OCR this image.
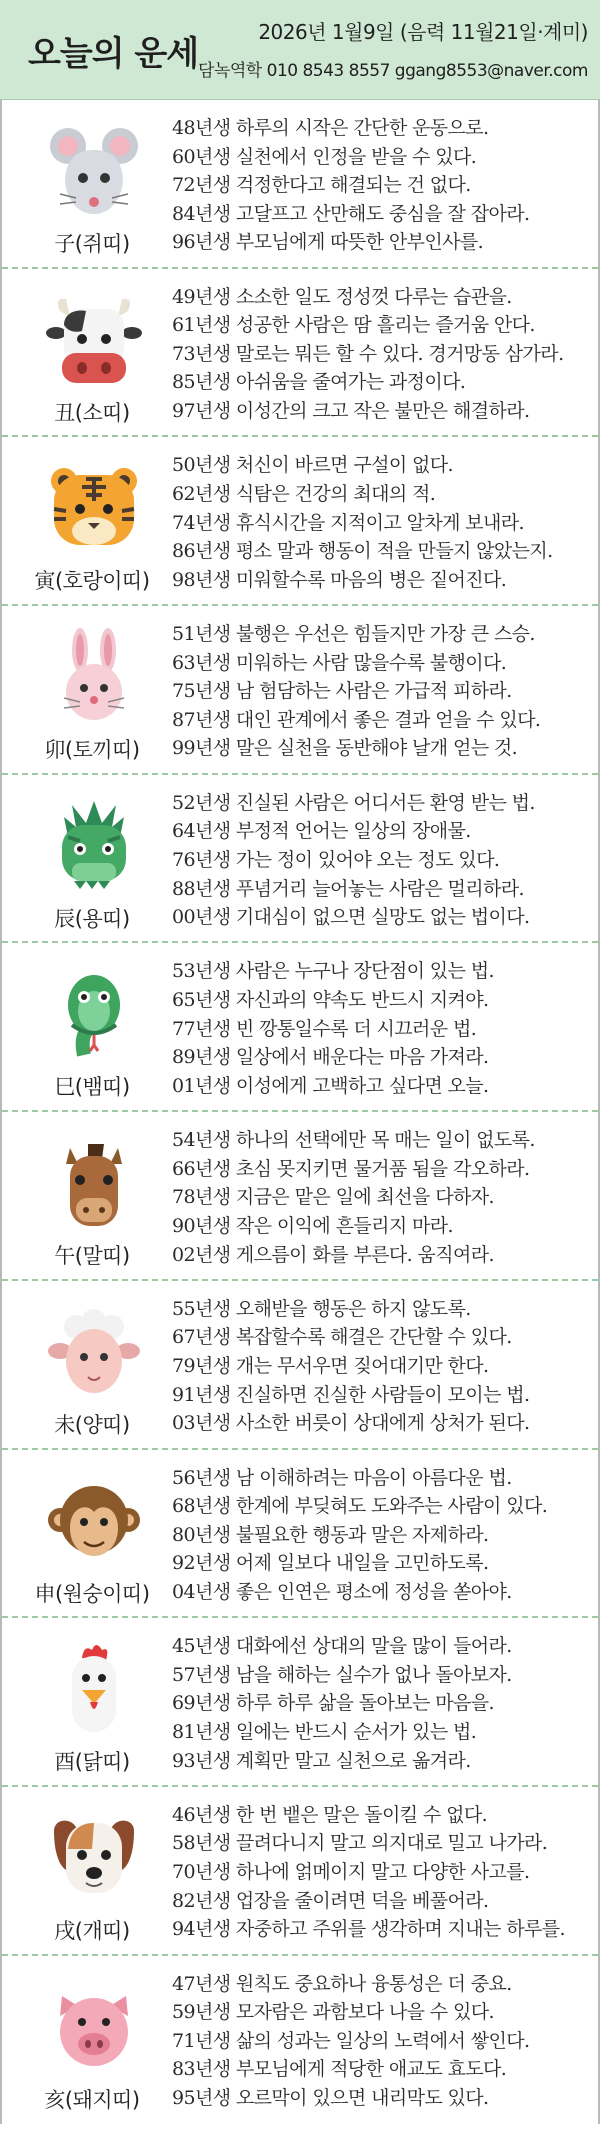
오늘의 운세
2026년 1월9일 (음력 11월21일·계미)
담녹역학 010 8543 8557 ggang8553@naver.com
子(쥐띠)
48년생 하루의 시작은 간단한 운동으로.
60년생 실천에서 인정을 받을 수 있다.
72년생 걱정한다고 해결되는 건 없다.
84년생 고달프고 산만해도 중심을 잘 잡아라.
96년생 부모님에게 따뜻한 안부인사를.
丑(소띠)
49년생 소소한 일도 정성껏 다루는 습관을.
61년생 성공한 사람은 땀 흘리는 즐거움 안다.
73년생 말로는 뭐든 할 수 있다. 경거망동 삼가라.
85년생 아쉬움을 줄여가는 과정이다.
97년생 이성간의 크고 작은 불만은 해결하라.
寅(호랑이띠)
50년생 처신이 바르면 구설이 없다.
62년생 식탐은 건강의 최대의 적.
74년생 휴식시간을 지적이고 알차게 보내라.
86년생 평소 말과 행동이 적을 만들지 않았는지.
98년생 미워할수록 마음의 병은 짙어진다.
卯(토끼띠)
51년생 불행은 우선은 힘들지만 가장 큰 스승.
63년생 미워하는 사람 많을수록 불행이다.
75년생 남 험담하는 사람은 가급적 피하라.
87년생 대인 관계에서 좋은 결과 얻을 수 있다.
99년생 말은 실천을 동반해야 날개 얻는 것.
辰(용띠)
52년생 진실된 사람은 어디서든 환영 받는 법.
64년생 부정적 언어는 일상의 장애물.
76년생 가는 정이 있어야 오는 정도 있다.
88년생 푸념거리 늘어놓는 사람은 멀리하라.
00년생 기대심이 없으면 실망도 없는 법이다.
巳(뱀띠)
53년생 사람은 누구나 장단점이 있는 법.
65년생 자신과의 약속도 반드시 지켜야.
77년생 빈 깡통일수록 더 시끄러운 법.
89년생 일상에서 배운다는 마음 가져라.
01년생 이성에게 고백하고 싶다면 오늘.
午(말띠)
54년생 하나의 선택에만 목 매는 일이 없도록.
66년생 초심 못지키면 물거품 됨을 각오하라.
78년생 지금은 맡은 일에 최선을 다하자.
90년생 작은 이익에 흔들리지 마라.
02년생 게으름이 화를 부른다. 움직여라.
未(양띠)
55년생 오해받을 행동은 하지 않도록.
67년생 복잡할수록 해결은 간단할 수 있다.
79년생 개는 무서우면 짖어대기만 한다.
91년생 진실하면 진실한 사람들이 모이는 법.
03년생 사소한 버릇이 상대에게 상처가 된다.
申(원숭이띠)
56년생 남 이해하려는 마음이 아름다운 법.
68년생 한계에 부딪혀도 도와주는 사람이 있다.
80년생 불필요한 행동과 말은 자제하라.
92년생 어제 일보다 내일을 고민하도록.
04년생 좋은 인연은 평소에 정성을 쏟아야.
酉(닭띠)
45년생 대화에선 상대의 말을 많이 들어라.
57년생 남을 해하는 실수가 없나 돌아보자.
69년생 하루 하루 삶을 돌아보는 마음을.
81년생 일에는 반드시 순서가 있는 법.
93년생 계획만 말고 실천으로 옮겨라.
戌(개띠)
46년생 한 번 뱉은 말은 돌이킬 수 없다.
58년생 끌려다니지 말고 의지대로 밀고 나가라.
70년생 하나에 얽메이지 말고 다양한 사고를.
82년생 업장을 줄이려면 덕을 베풀어라.
94년생 자중하고 주위를 생각하며 지내는 하루를.
亥(돼지띠)
47년생 원칙도 중요하나 융통성은 더 중요.
59년생 모자람은 과함보다 나을 수 있다.
71년생 삶의 성과는 일상의 노력에서 쌓인다.
83년생 부모님에게 적당한 애교도 효도다.
95년생 오르막이 있으면 내리막도 있다.
